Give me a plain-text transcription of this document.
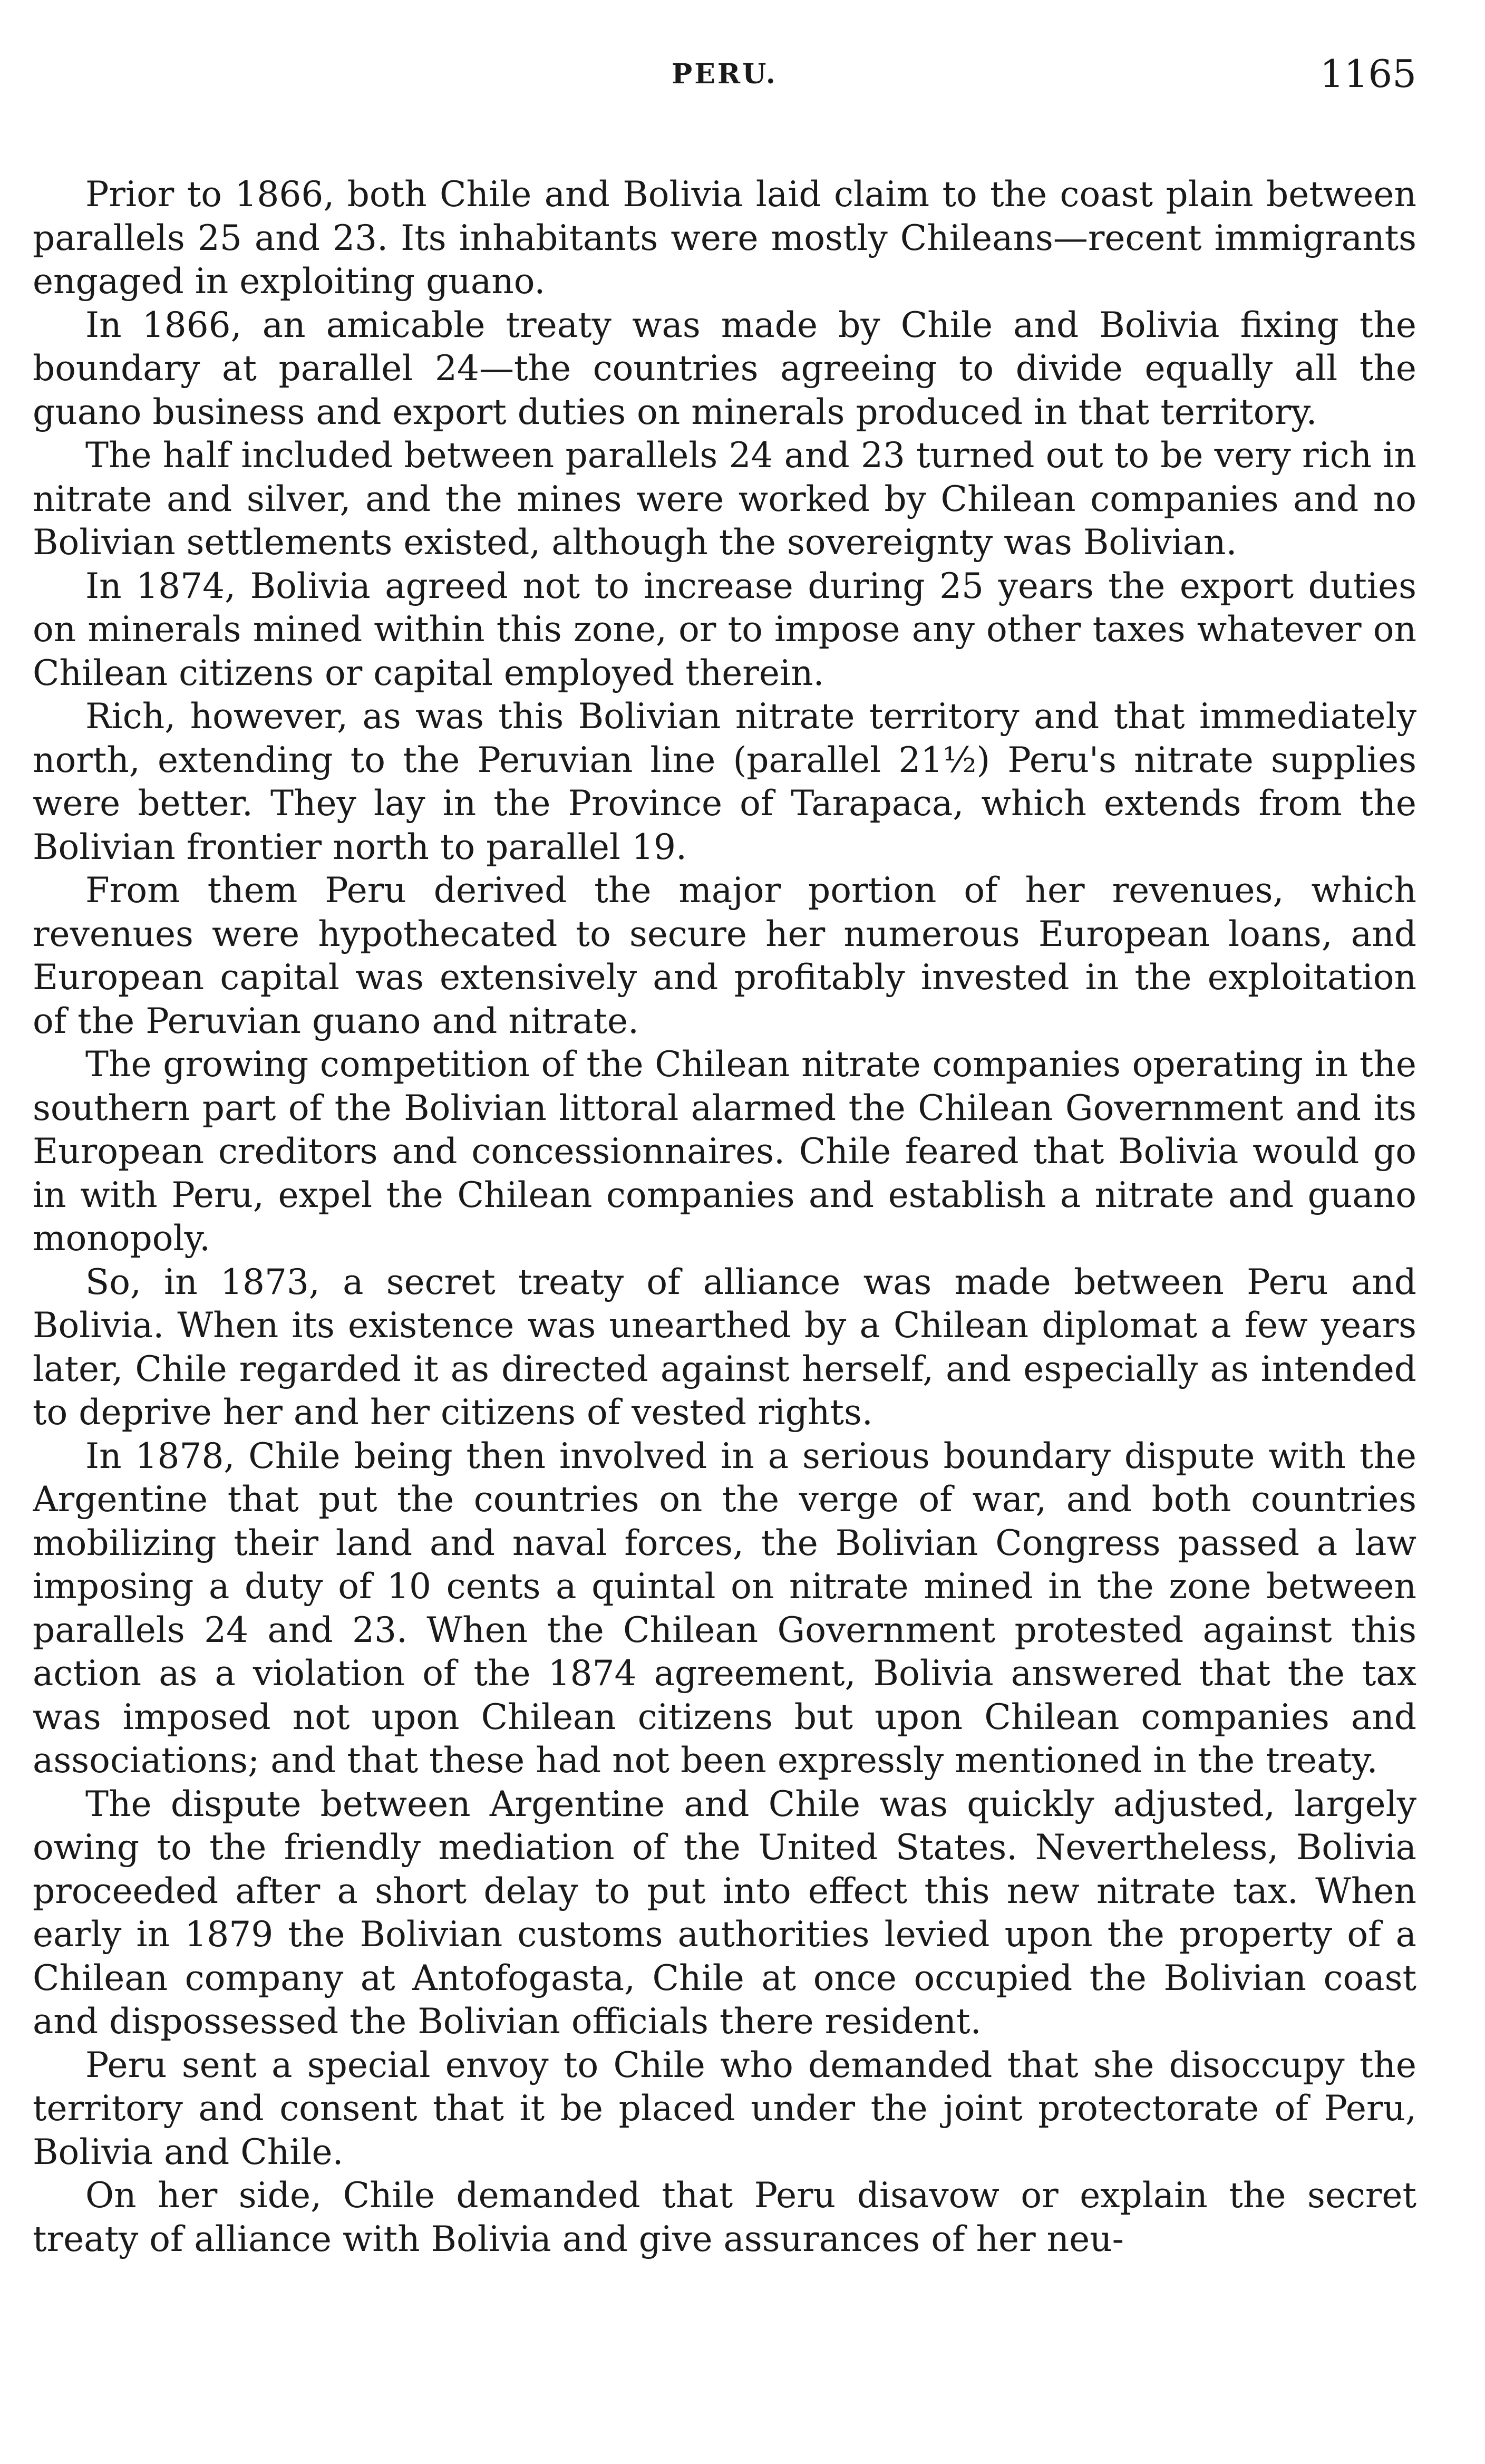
PERU.	1165

Prior to 1866, both Chile and Bolivia laid claim to the coast plain between parallels 25 and 23. Its inhabitants were mostly Chileans—recent immigrants engaged in exploiting guano.

In 1866, an amicable treaty was made by Chile and Bolivia fixing the boundary at parallel 24—the countries agreeing to divide equally all the guano business and export duties on minerals produced in that territory.

The half included between parallels 24 and 23 turned out to be very rich in nitrate and silver, and the mines were worked by Chilean companies and no Bolivian settlements existed, although the sovereignty was Bolivian.

In 1874, Bolivia agreed not to increase during 25 years the export duties on minerals mined within this zone, or to impose any other taxes whatever on Chilean citizens or capital employed therein.

Rich, however, as was this Bolivian nitrate territory and that immediately north, extending to the Peruvian line (parallel 21½) Peru's nitrate supplies were better. They lay in the Province of Tarapaca, which extends from the Bolivian frontier north to parallel 19.

From them Peru derived the major portion of her revenues, which revenues were hypothecated to secure her numerous European loans, and European capital was extensively and profitably invested in the exploitation of the Peruvian guano and nitrate.

The growing competition of the Chilean nitrate companies operating in the southern part of the Bolivian littoral alarmed the Chilean Government and its European creditors and concessionnaires. Chile feared that Bolivia would go in with Peru, expel the Chilean companies and establish a nitrate and guano monopoly.

So, in 1873, a secret treaty of alliance was made between Peru and Bolivia. When its existence was unearthed by a Chilean diplomat a few years later, Chile regarded it as directed against herself, and especially as intended to deprive her and her citizens of vested rights.

In 1878, Chile being then involved in a serious boundary dispute with the Argentine that put the countries on the verge of war, and both countries mobilizing their land and naval forces, the Bolivian Congress passed a law imposing a duty of 10 cents a quintal on nitrate mined in the zone between parallels 24 and 23. When the Chilean Government protested against this action as a violation of the 1874 agreement, Bolivia answered that the tax was imposed not upon Chilean citizens but upon Chilean companies and associations; and that these had not been expressly mentioned in the treaty.

The dispute between Argentine and Chile was quickly adjusted, largely owing to the friendly mediation of the United States. Nevertheless, Bolivia proceeded after a short delay to put into effect this new nitrate tax. When early in 1879 the Bolivian customs authorities levied upon the property of a Chilean company at Antofogasta, Chile at once occupied the Bolivian coast and dispossessed the Bolivian officials there resident.

Peru sent a special envoy to Chile who demanded that she disoccupy the territory and consent that it be placed under the joint protectorate of Peru, Bolivia and Chile.

On her side, Chile demanded that Peru disavow or explain the secret treaty of alliance with Bolivia and give assurances of her neu-
